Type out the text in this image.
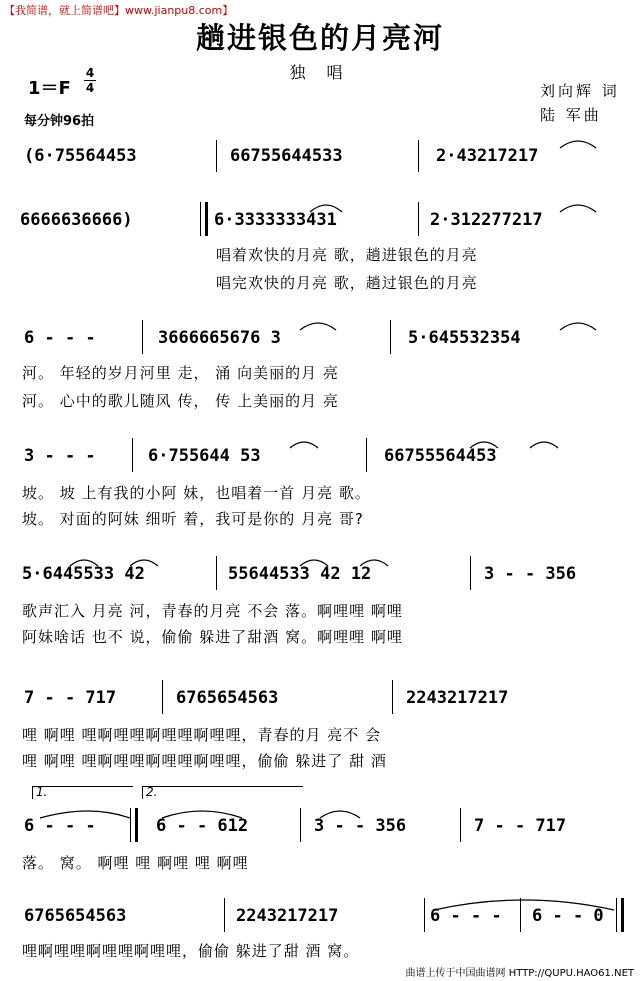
【我简谱，就上简谱吧】www.jianpu8.com】
趟进银色的月亮河
独 唱
刘向辉 词
陆 军曲
$1=F \frac{4}{4}$
每分钟96拍
(6·75564453	66755644533	2·43217217
6666636666)	6·3333333431	2·312277217
唱着欢快的月亮 歌，趟进银色的月亮
唱完欢快的月亮 歌，趟过银色的月亮
6 - - -	3666665676 3	5·645532354
河。 年轻的岁月河里 走， 涌 向美丽的月 亮
河。 心中的歌儿随风 传， 传 上美丽的月 亮
3 - - -	6·755644 53	66755564453
坡。 坡 上有我的小阿 妹，也唱着一首 月亮 歌。
坡。 对面的阿妹 细听 着，我可是你的 月亮 哥?
5·6445533 42	55644533 42 12	3 - - 356
歌声汇入 月亮 河，青春的月亮 不会 落。啊哩哩 啊哩
阿妹啥话 也不 说，偷偷 躲进了甜酒 窝。啊哩哩 啊哩
7 - - 717	6765654563	2243217217
哩 啊哩 哩啊哩哩啊哩哩啊哩哩，青春的月 亮不 会
哩 啊哩 哩啊哩哩啊哩哩啊哩哩，偷偷 躲进了 甜 酒
1.	2.
6 - - -	6 - - 612	3 - - 356	7 - - 717
落。 窝。 啊哩 哩 啊哩 哩 啊哩
6765654563	2243217217	6 - - - 6 - - 0
哩啊哩哩啊哩哩啊哩哩，偷偷 躲进了甜 酒 窝。
曲谱上传于中国曲谱网 HTTP://QUPU.HAO61.NET
